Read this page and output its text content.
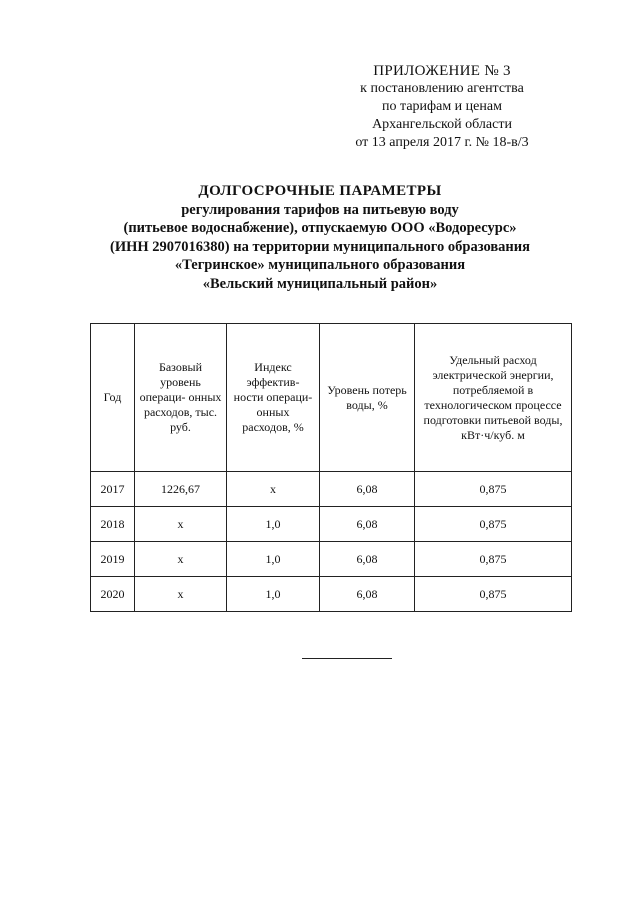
ПРИЛОЖЕНИЕ № 3
к постановлению агентства
по тарифам и ценам
Архангельской области
от 13 апреля 2017 г. № 18-в/3
ДОЛГОСРОЧНЫЕ ПАРАМЕТРЫ
регулирования тарифов на питьевую воду
(питьевое водоснабжение), отпускаемую ООО «Водоресурс»
(ИНН 2907016380) на территории муниципального образования
«Тегринское» муниципального образования
«Вельский муниципальный район»
Год	Базовый уровень операци- онных расходов, тыс. руб.	Индекс эффектив- ности операци- онных расходов, %	Уровень потерь воды, %	Удельный расход электрической энергии, потребляемой в технологическом процессе подготовки питьевой воды, кВт·ч/куб. м
2017	1226,67	х	6,08	0,875
2018	х	1,0	6,08	0,875
2019	х	1,0	6,08	0,875
2020	х	1,0	6,08	0,875
